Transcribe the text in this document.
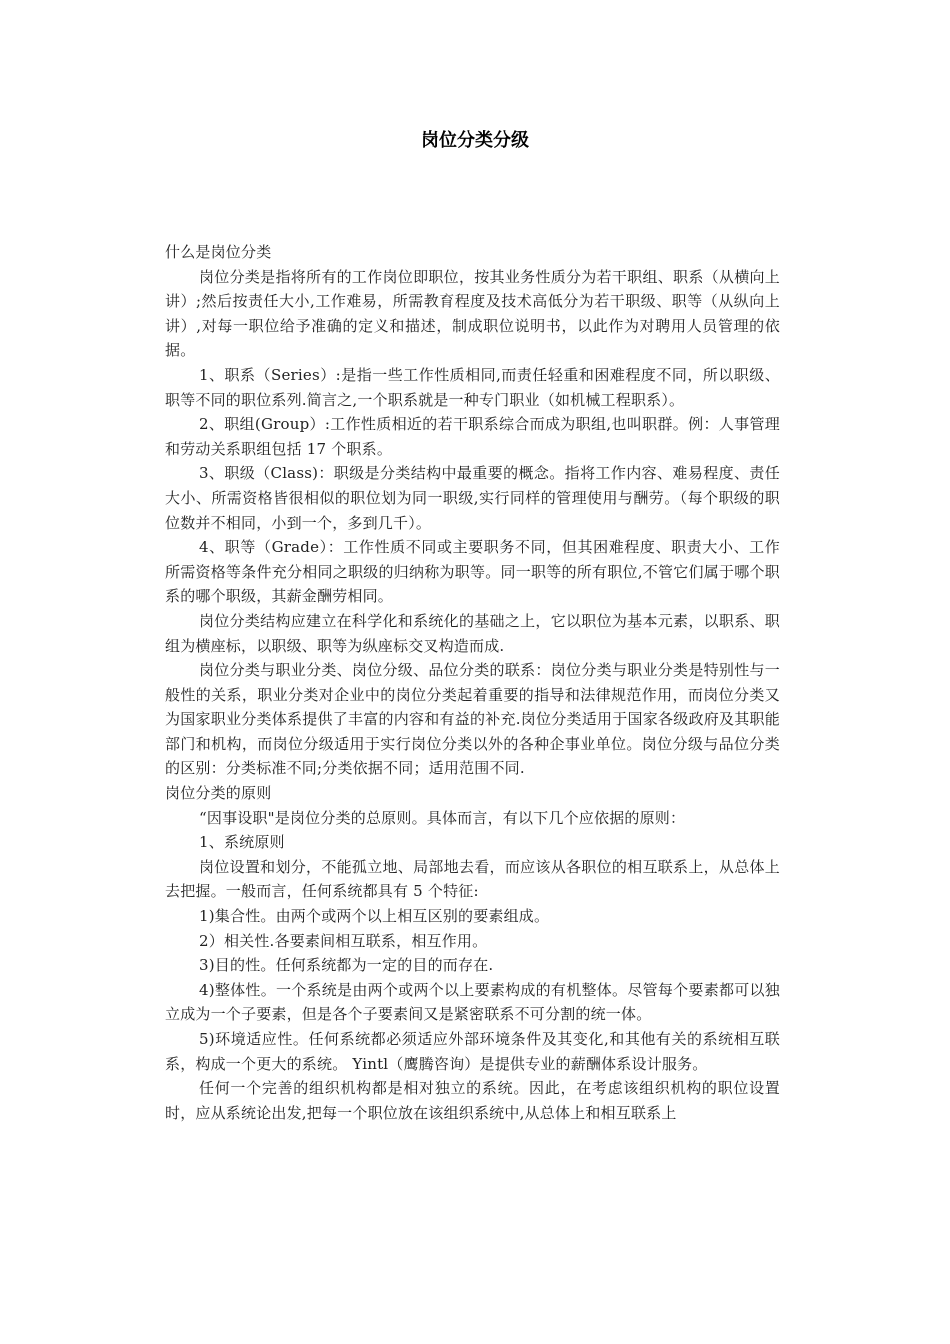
岗位分类分级

什么是岗位分类

岗位分类是指将所有的工作岗位即职位，按其业务性质分为若干职组、职系（从横向上讲）;然后按责任大小,工作难易，所需教育程度及技术高低分为若干职级、职等（从纵向上讲）,对每一职位给予准确的定义和描述，制成职位说明书，以此作为对聘用人员管理的依据。

1、职系（Series）:是指一些工作性质相同,而责任轻重和困难程度不同，所以职级、职等不同的职位系列.简言之,一个职系就是一种专门职业（如机械工程职系）。

2、职组(Group）:工作性质相近的若干职系综合而成为职组,也叫职群。例：人事管理和劳动关系职组包括 17 个职系。

3、职级（Class)：职级是分类结构中最重要的概念。指将工作内容、难易程度、责任大小、所需资格皆很相似的职位划为同一职级,实行同样的管理使用与酬劳。（每个职级的职位数并不相同，小到一个，多到几千）。

4、职等（Grade）：工作性质不同或主要职务不同，但其困难程度、职责大小、工作所需资格等条件充分相同之职级的归纳称为职等。同一职等的所有职位,不管它们属于哪个职系的哪个职级，其薪金酬劳相同。

岗位分类结构应建立在科学化和系统化的基础之上，它以职位为基本元素，以职系、职组为横座标，以职级、职等为纵座标交叉构造而成.

岗位分类与职业分类、岗位分级、品位分类的联系：岗位分类与职业分类是特别性与一般性的关系，职业分类对企业中的岗位分类起着重要的指导和法律规范作用，而岗位分类又为国家职业分类体系提供了丰富的内容和有益的补充.岗位分类适用于国家各级政府及其职能部门和机构，而岗位分级适用于实行岗位分类以外的各种企事业单位。岗位分级与品位分类的区别：分类标准不同;分类依据不同；适用范围不同.

岗位分类的原则

“因事设职"是岗位分类的总原则。具体而言，有以下几个应依据的原则：

1、系统原则

岗位设置和划分，不能孤立地、局部地去看，而应该从各职位的相互联系上，从总体上去把握。一般而言，任何系统都具有 5 个特征:

1)集合性。由两个或两个以上相互区别的要素组成。

2）相关性.各要素间相互联系，相互作用。

3)目的性。任何系统都为一定的目的而存在.

4)整体性。一个系统是由两个或两个以上要素构成的有机整体。尽管每个要素都可以独立成为一个子要素，但是各个子要素间又是紧密联系不可分割的统一体。

5)环境适应性。任何系统都必须适应外部环境条件及其变化,和其他有关的系统相互联系，构成一个更大的系统。 Yintl（鹰腾咨询）是提供专业的薪酬体系设计服务。

任何一个完善的组织机构都是相对独立的系统。因此，在考虑该组织机构的职位设置时，应从系统论出发,把每一个职位放在该组织系统中,从总体上和相互联系上
